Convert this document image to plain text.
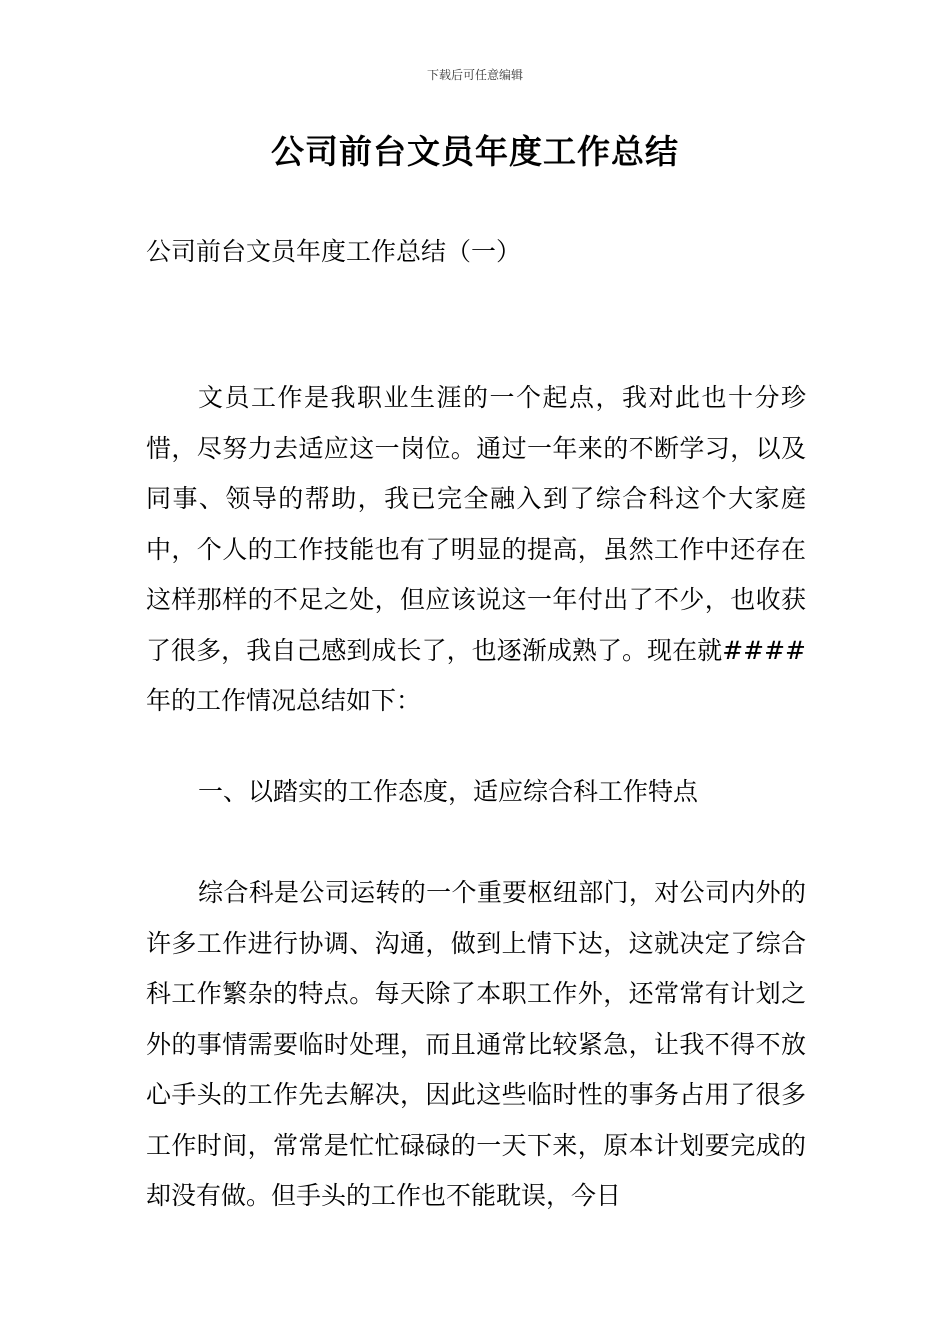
下载后可任意编辑
公司前台文员年度工作总结
公司前台文员年度工作总结（一）
文员工作是我职业生涯的一个起点，我对此也十分珍惜，尽努力去适应这一岗位。通过一年来的不断学习，以及同事、领导的帮助，我已完全融入到了综合科这个大家庭中，个人的工作技能也有了明显的提高，虽然工作中还存在这样那样的不足之处，但应该说这一年付出了不少，也收获了很多，我自己感到成长了，也逐渐成熟了。现在就####年的工作情况总结如下：
一、以踏实的工作态度，适应综合科工作特点
综合科是公司运转的一个重要枢纽部门，对公司内外的许多工作进行协调、沟通，做到上情下达，这就决定了综合科工作繁杂的特点。每天除了本职工作外，还常常有计划之外的事情需要临时处理，而且通常比较紧急，让我不得不放心手头的工作先去解决，因此这些临时性的事务占用了很多工作时间，常常是忙忙碌碌的一天下来，原本计划要完成的却没有做。但手头的工作也不能耽误，今日
